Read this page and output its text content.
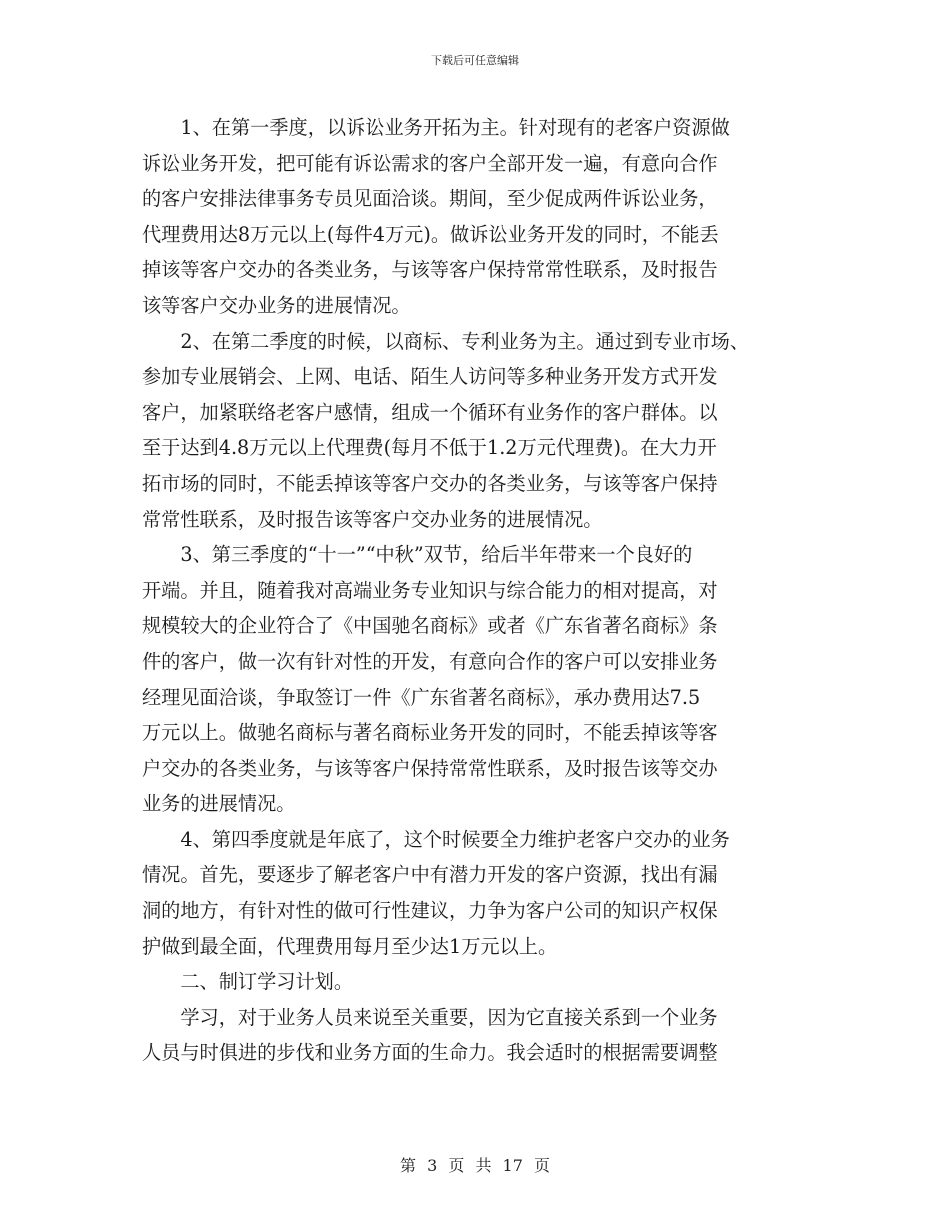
下载后可任意编辑
　　1、在第一季度，以诉讼业务开拓为主。针对现有的老客户资源做
诉讼业务开发，把可能有诉讼需求的客户全部开发一遍，有意向合作
的客户安排法律事务专员见面洽谈。期间，至少促成两件诉讼业务，
代理费用达8万元以上(每件4万元)。做诉讼业务开发的同时，不能丢
掉该等客户交办的各类业务，与该等客户保持常常性联系，及时报告
该等客户交办业务的进展情况。
　　2、在第二季度的时候，以商标、专利业务为主。通过到专业市场、
参加专业展销会、上网、电话、陌生人访问等多种业务开发方式开发
客户，加紧联络老客户感情，组成一个循环有业务作的客户群体。以
至于达到4.8万元以上代理费(每月不低于1.2万元代理费)。在大力开
拓市场的同时，不能丢掉该等客户交办的各类业务，与该等客户保持
常常性联系，及时报告该等客户交办业务的进展情况。
　　3、第三季度的“十一”“中秋”双节，给后半年带来一个良好的
开端。并且，随着我对高端业务专业知识与综合能力的相对提高，对
规模较大的企业符合了《中国驰名商标》或者《广东省著名商标》条
件的客户，做一次有针对性的开发，有意向合作的客户可以安排业务
经理见面洽谈，争取签订一件《广东省著名商标》，承办费用达7.5
万元以上。做驰名商标与著名商标业务开发的同时，不能丢掉该等客
户交办的各类业务，与该等客户保持常常性联系，及时报告该等交办
业务的进展情况。
　　4、第四季度就是年底了，这个时候要全力维护老客户交办的业务
情况。首先，要逐步了解老客户中有潜力开发的客户资源，找出有漏
洞的地方，有针对性的做可行性建议，力争为客户公司的知识产权保
护做到最全面，代理费用每月至少达1万元以上。
　　二、制订学习计划。
　　学习，对于业务人员来说至关重要，因为它直接关系到一个业务
人员与时俱进的步伐和业务方面的生命力。我会适时的根据需要调整
第 3 页 共 17 页
